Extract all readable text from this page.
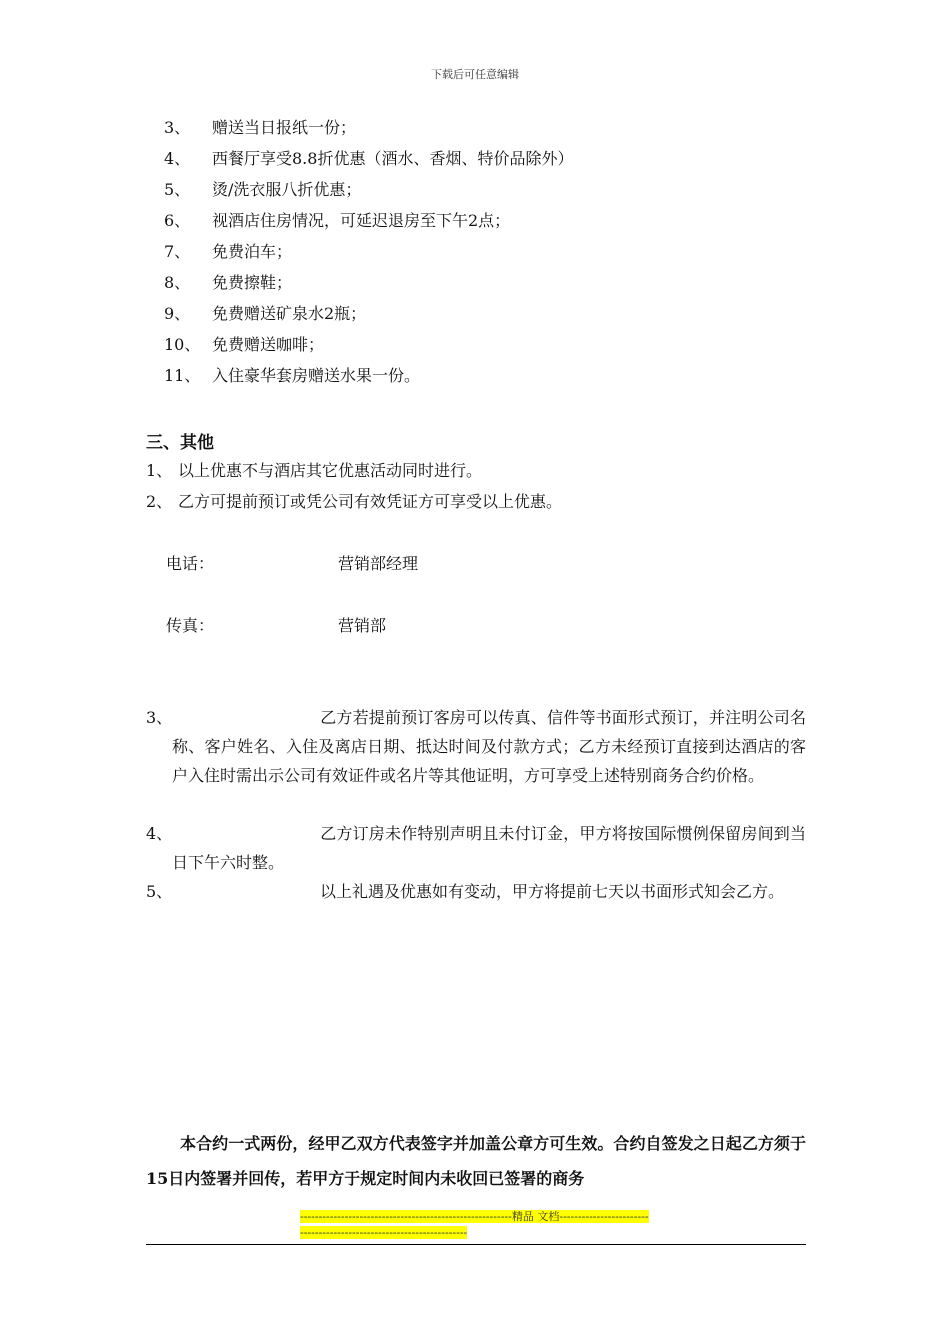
下载后可任意编辑
3、 赠送当日报纸一份；
4、 西餐厅享受8.8折优惠（酒水、香烟、特价品除外）
5、 烫/洗衣服八折优惠；
6、 视酒店住房情况，可延迟退房至下午2点；
7、 免费泊车；
8、 免费擦鞋；
9、 免费赠送矿泉水2瓶；
10、 免费赠送咖啡；
11、 入住豪华套房赠送水果一份。
三、其他
1、 以上优惠不与酒店其它优惠活动同时进行。
2、 乙方可提前预订或凭公司有效凭证方可享受以上优惠。
电话：	营销部经理
传真：	营销部
3、	乙方若提前预订客房可以传真、信件等书面形式预订，并注明公司名称、客户姓名、入住及离店日期、抵达时间及付款方式；乙方未经预订直接到达酒店的客户入住时需出示公司有效证件或名片等其他证明，方可享受上述特别商务合约价格。
4、	乙方订房未作特别声明且未付订金，甲方将按国际惯例保留房间到当日下午六时整。
5、	以上礼遇及优惠如有变动，甲方将提前七天以书面形式知会乙方。
本合约一式两份，经甲乙双方代表签字并加盖公章方可生效。合约自签发之日起乙方须于15日内签署并回传，若甲方于规定时间内未收回已签署的商务
---------------------------------------------------------精品 文档---------------------------------------------------------------------
